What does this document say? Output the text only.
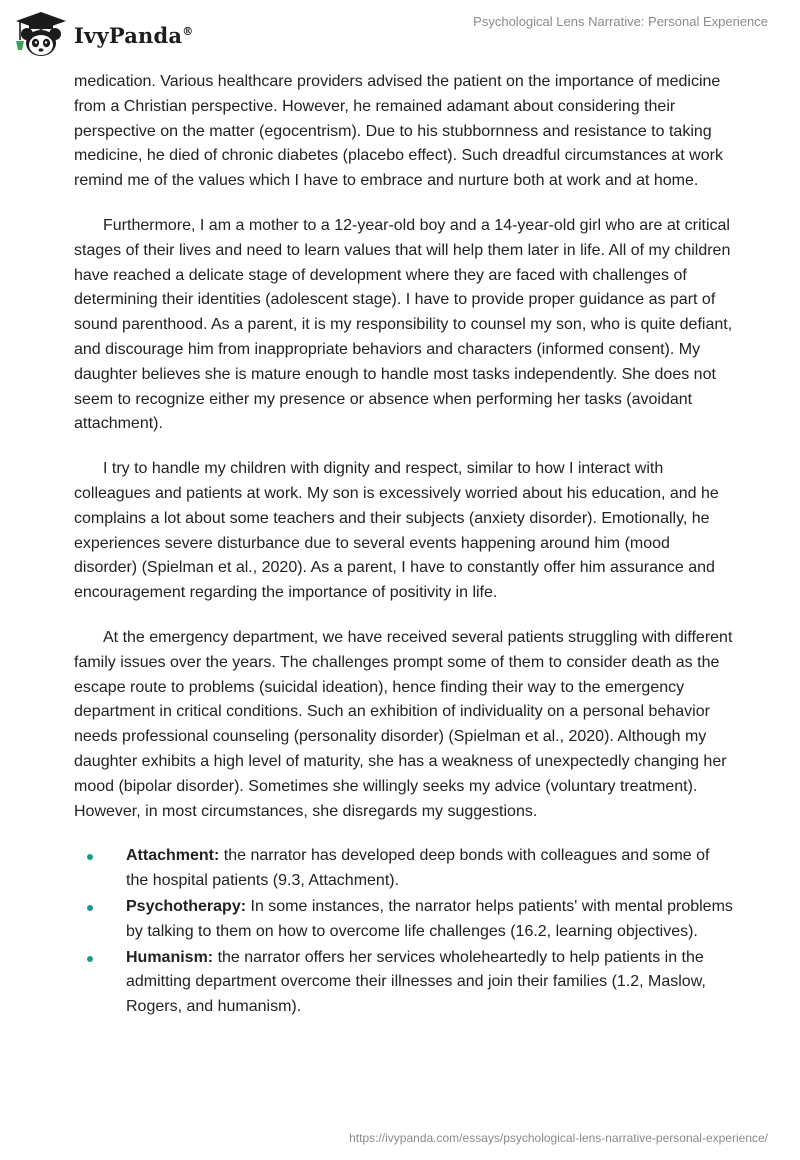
IvyPanda®
Psychological Lens Narrative: Personal Experience

medication. Various healthcare providers advised the patient on the importance of medicine from a Christian perspective. However, he remained adamant about considering their perspective on the matter (egocentrism). Due to his stubbornness and resistance to taking medicine, he died of chronic diabetes (placebo effect). Such dreadful circumstances at work remind me of the values which I have to embrace and nurture both at work and at home.

Furthermore, I am a mother to a 12-year-old boy and a 14-year-old girl who are at critical stages of their lives and need to learn values that will help them later in life. All of my children have reached a delicate stage of development where they are faced with challenges of determining their identities (adolescent stage). I have to provide proper guidance as part of sound parenthood. As a parent, it is my responsibility to counsel my son, who is quite defiant, and discourage him from inappropriate behaviors and characters (informed consent). My daughter believes she is mature enough to handle most tasks independently. She does not seem to recognize either my presence or absence when performing her tasks (avoidant attachment).

I try to handle my children with dignity and respect, similar to how I interact with colleagues and patients at work. My son is excessively worried about his education, and he complains a lot about some teachers and their subjects (anxiety disorder). Emotionally, he experiences severe disturbance due to several events happening around him (mood disorder) (Spielman et al., 2020). As a parent, I have to constantly offer him assurance and encouragement regarding the importance of positivity in life.

At the emergency department, we have received several patients struggling with different family issues over the years. The challenges prompt some of them to consider death as the escape route to problems (suicidal ideation), hence finding their way to the emergency department in critical conditions. Such an exhibition of individuality on a personal behavior needs professional counseling (personality disorder) (Spielman et al., 2020). Although my daughter exhibits a high level of maturity, she has a weakness of unexpectedly changing her mood (bipolar disorder). Sometimes she willingly seeks my advice (voluntary treatment). However, in most circumstances, she disregards my suggestions.

Attachment: the narrator has developed deep bonds with colleagues and some of the hospital patients (9.3, Attachment).
Psychotherapy: In some instances, the narrator helps patients' with mental problems by talking to them on how to overcome life challenges (16.2, learning objectives).
Humanism: the narrator offers her services wholeheartedly to help patients in the admitting department overcome their illnesses and join their families (1.2, Maslow, Rogers, and humanism).
https://ivypanda.com/essays/psychological-lens-narrative-personal-experience/
